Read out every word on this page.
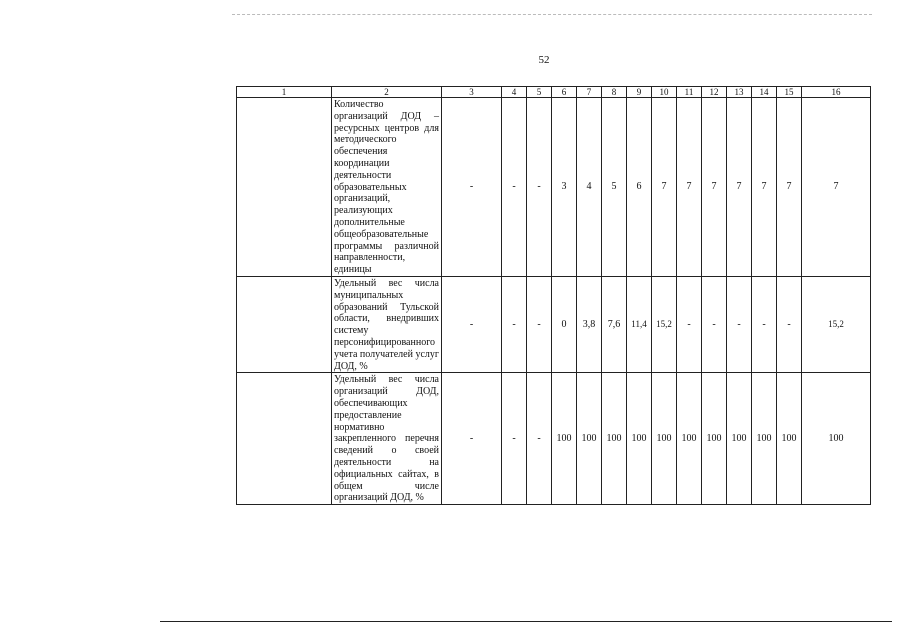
52
1	2	3	4	5	6	7	8	9	10	11	12	13	14	15	16
	Количество организаций ДОД – ресурсных центров для методического обеспечения координации деятельности образовательных организаций, реализующих дополнительные общеобразовательные программы различной направленности, единицы	-	-	-	3	4	5	6	7	7	7	7	7	7	7
	Удельный вес числа муниципальных образований Тульской области, внедривших систему персонифицированного учета получателей услуг ДОД, %	-	-	-	0	3,8	7,6	11,4	15,2	-	-	-	-	-	15,2
	Удельный вес числа организаций ДОД, обеспечивающих предоставление нормативно закрепленного перечня сведений о своей деятельности на официальных сайтах, в общем числе организаций ДОД, %	-	-	-	100	100	100	100	100	100	100	100	100	100	100
